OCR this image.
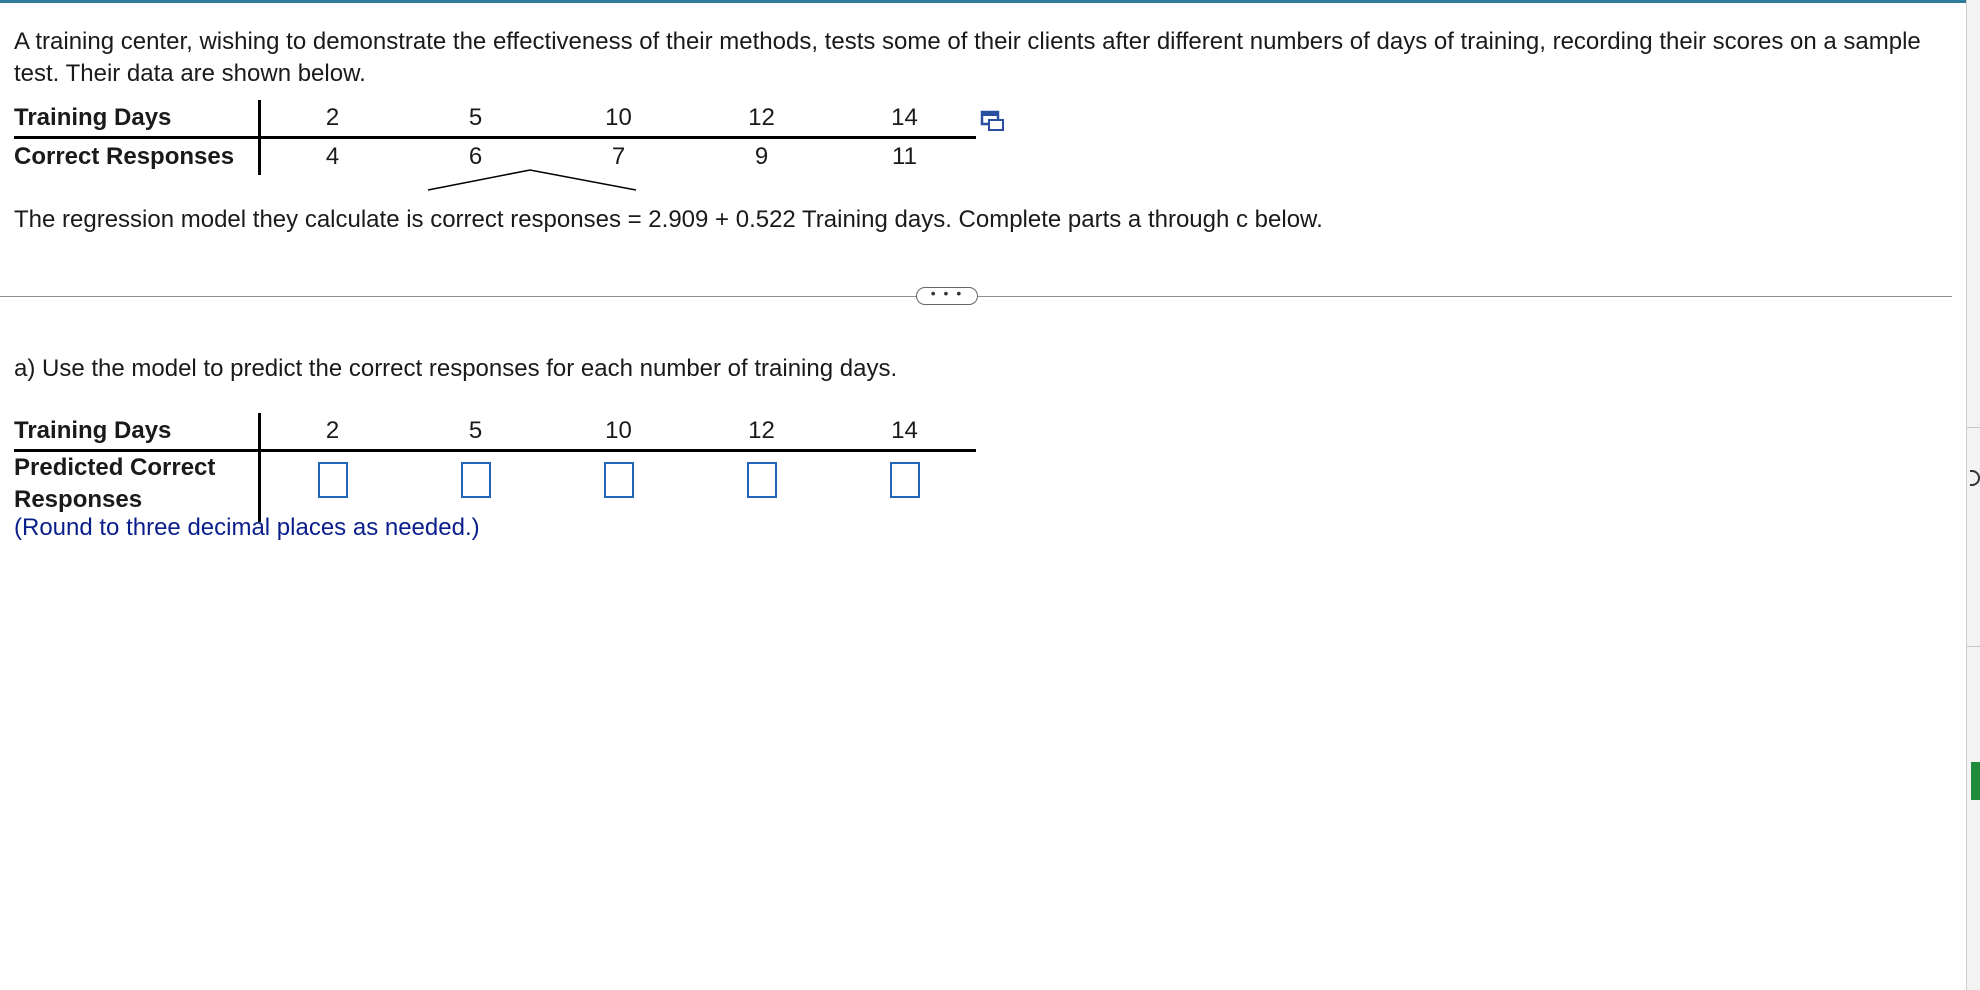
A training center, wishing to demonstrate the effectiveness of their methods, tests some of their clients after different numbers of days of training, recording their scores on a sample test. Their data are shown below.

Training Days	2	5	10	12	14
Correct Responses	4	6	7	9	11
The regression model they calculate is
correct responses = 2.909 + 0.522 Training days. Complete parts a through c below.
• • •
a) Use the model to predict the correct responses for each number of training days.
Training Days	2	5	10	12	14

Predicted Correct
Responses					

(Round to three decimal places as needed.)
